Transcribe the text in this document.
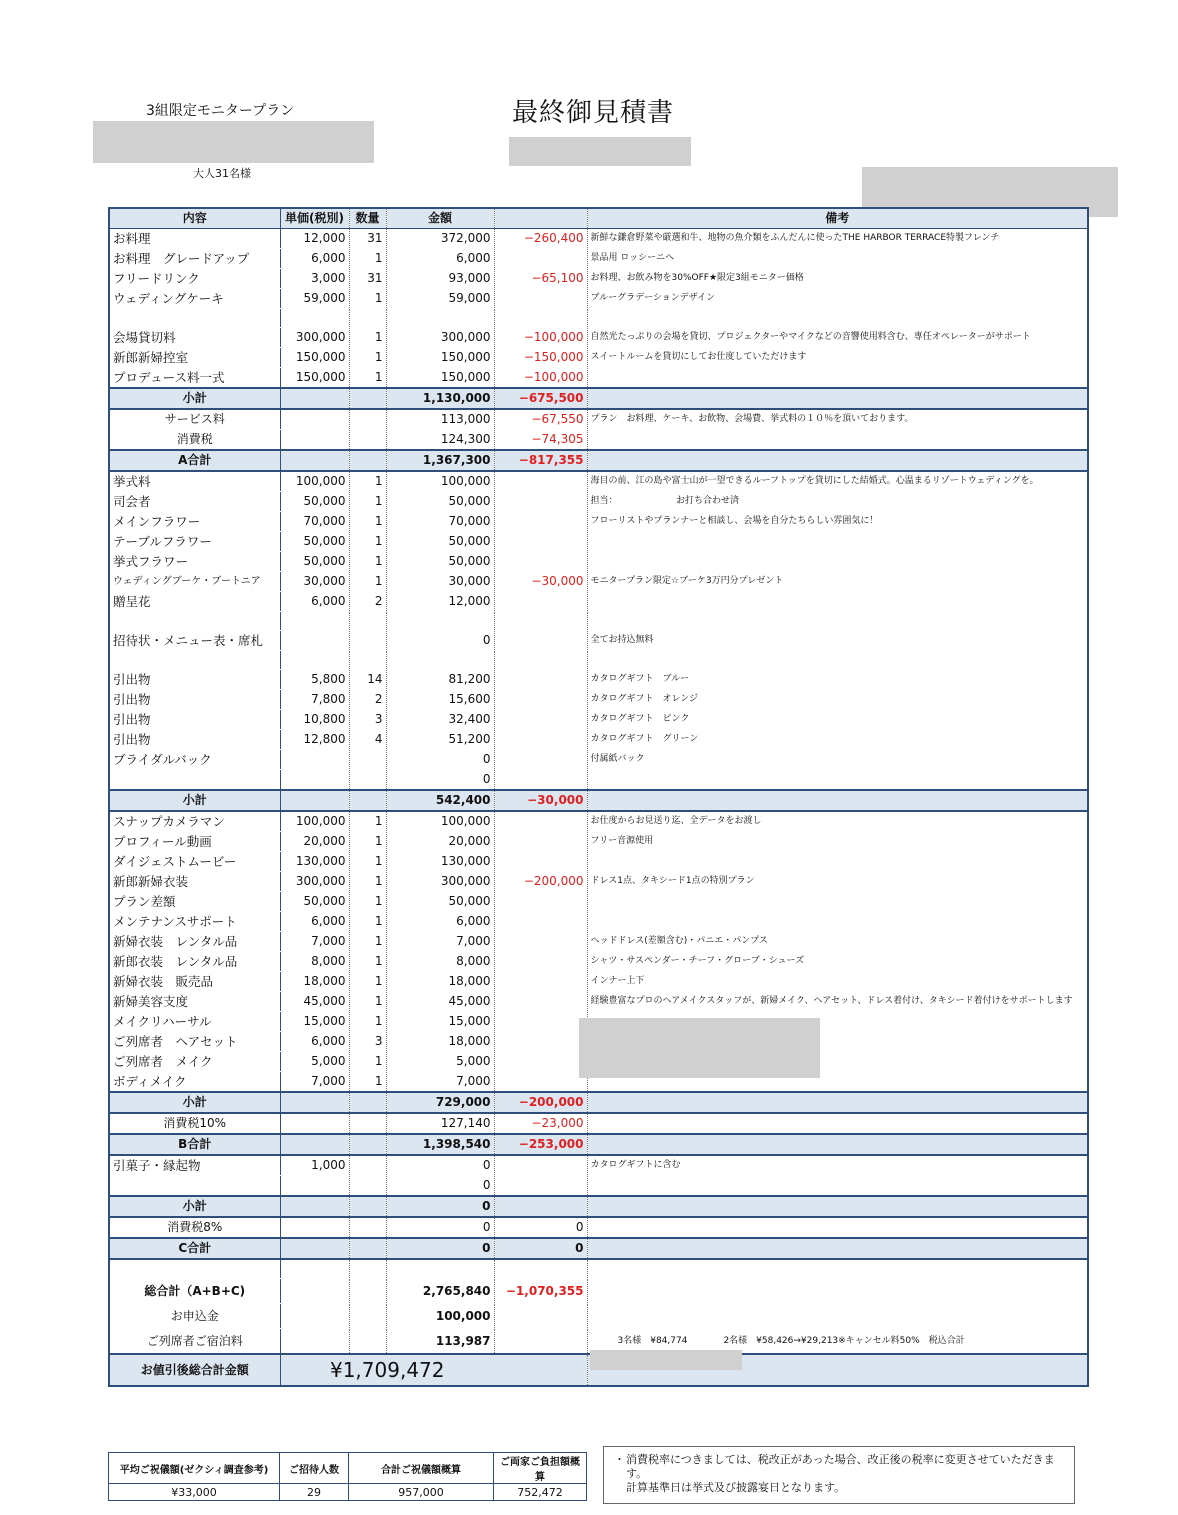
3組限定モニタープラン	最終御見積書
大人31名様
内容	単価(税別)	数量	金額		備考
お料理	12,000	31	372,000	−260,400	新鮮な鎌倉野菜や厳選和牛、地物の魚介類をふんだんに使ったTHE HARBOR TERRACE特製フレンチ
お料理　グレードアップ	6,000	1	6,000		景品用 ロッシーニへ
フリードリンク	3,000	31	93,000	−65,100	お料理、お飲み物を30%OFF★限定3組モニター価格
ウェディングケーキ	59,000	1	59,000		ブルーグラデーションデザイン

会場貸切料	300,000	1	300,000	−100,000	自然光たっぷりの会場を貸切、プロジェクターやマイクなどの音響使用料含む、専任オペレーターがサポート
新郎新婦控室	150,000	1	150,000	−150,000	スイートルームを貸切にしてお仕度していただけます
プロデュース料一式	150,000	1	150,000	−100,000	
小計			1,130,000	−675,500	
サービス料			113,000	−67,550	プラン　お料理、ケーキ、お飲物、会場費、挙式料の１０％を頂いております。
消費税			124,300	−74,305	
A合計			1,367,300	−817,355	
挙式料	100,000	1	100,000		海目の前、江の島や富士山が一望できるルーフトップを貸切にした結婚式。心温まるリゾートウェディングを。
司会者	50,000	1	50,000		担当：　　　　　　　お打ち合わせ済
メインフラワー	70,000	1	70,000		フローリストやプランナーと相談し、会場を自分たちらしい雰囲気に！
テーブルフラワー	50,000	1	50,000		
挙式フラワー	50,000	1	50,000		
ウェディングブーケ・ブートニア	30,000	1	30,000	−30,000	モニタープラン限定☆ブーケ3万円分プレゼント
贈呈花	6,000	2	12,000		

招待状・メニュー表・席札			0		全てお持込無料

引出物	5,800	14	81,200		カタログギフト　ブルー
引出物	7,800	2	15,600		カタログギフト　オレンジ
引出物	10,800	3	32,400		カタログギフト　ピンク
引出物	12,800	4	51,200		カタログギフト　グリーン
ブライダルバック			0		付属紙バック
			0		
小計			542,400	−30,000	
スナップカメラマン	100,000	1	100,000		お仕度からお見送り迄、全データをお渡し
プロフィール動画	20,000	1	20,000		フリー音源使用
ダイジェストムービー	130,000	1	130,000		
新郎新婦衣装	300,000	1	300,000	−200,000	ドレス1点、タキシード1点の特別プラン
プラン差額	50,000	1	50,000		
メンテナンスサポート	6,000	1	6,000		
新婦衣装　レンタル品	7,000	1	7,000		ヘッドドレス(差額含む)・パニエ・パンプス
新郎衣装　レンタル品	8,000	1	8,000		シャツ・サスペンダー・チーフ・グローブ・シューズ
新婦衣装　販売品	18,000	1	18,000		インナー上下
新婦美容支度	45,000	1	45,000		経験豊富なプロのヘアメイクスタッフが、新婦メイク、ヘアセット、ドレス着付け、タキシード着付けをサポートします
メイクリハーサル	15,000	1	15,000		
ご列席者　ヘアセット	6,000	3	18,000		
ご列席者　メイク	5,000	1	5,000		
ボディメイク	7,000	1	7,000		
小計			729,000	−200,000	
消費税10%			127,140	−23,000	
B合計			1,398,540	−253,000	
引菓子・縁起物	1,000		0		カタログギフトに含む
			0		
小計			0		
消費税8%			0	0	
C合計			0	0	

総合計（A+B+C)			2,765,840	−1,070,355	
お申込金			100,000		
ご列席者ご宿泊料			113,987		　　　3名様　¥84,774　　　　2名様　¥58,426→¥29,213※キャンセル料50%　税込合計
お値引後総合計金額	¥1,709,472				
平均ご祝儀額(ゼクシィ調査参考)	ご招待人数	合計ご祝儀額概算	ご両家ご負担額概算
¥33,000	29	957,000	752,472
・ 消費税率につきましては、税改正があった場合、改正後の税率に変更させていただきます。
計算基準日は挙式及び披露宴日となります。
